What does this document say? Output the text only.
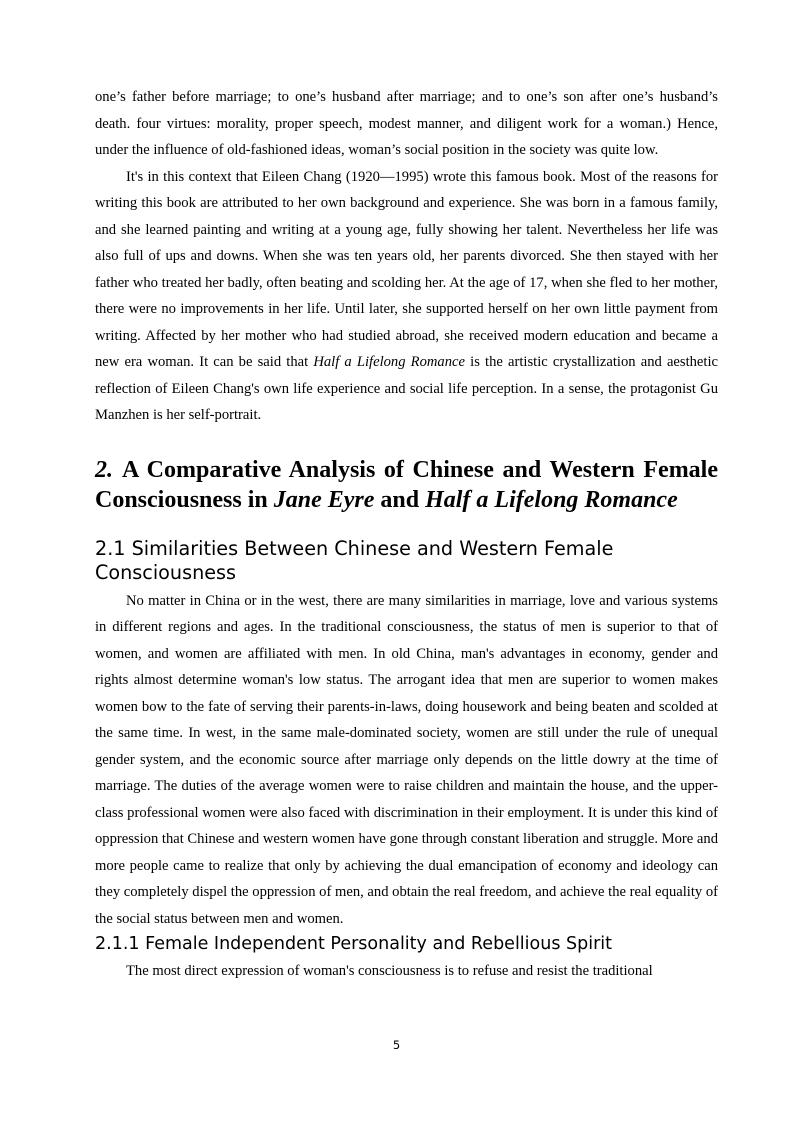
one’s father before marriage; to one’s husband after marriage; and to one’s son after one’s husband’s death. four virtues: morality, proper speech, modest manner, and diligent work for a woman.) Hence, under the influence of old-fashioned ideas, woman’s social position in the society was quite low.

It's in this context that Eileen Chang (1920—1995) wrote this famous book. Most of the reasons for writing this book are attributed to her own background and experience. She was born in a famous family, and she learned painting and writing at a young age, fully showing her talent. Nevertheless her life was also full of ups and downs. When she was ten years old, her parents divorced. She then stayed with her father who treated her badly, often beating and scolding her. At the age of 17, when she fled to her mother, there were no improvements in her life. Until later, she supported herself on her own little payment from writing. Affected by her mother who had studied abroad, she received modern education and became a new era woman. It can be said that Half a Lifelong Romance is the artistic crystallization and aesthetic reflection of Eileen Chang's own life experience and social life perception. In a sense, the protagonist Gu Manzhen is her self-portrait.

2. A Comparative Analysis of Chinese and Western Female Consciousness in Jane Eyre and Half a Lifelong Romance
2.1 Similarities Between Chinese and Western Female Consciousness

No matter in China or in the west, there are many similarities in marriage, love and various systems in different regions and ages. In the traditional consciousness, the status of men is superior to that of women, and women are affiliated with men. In old China, man's advantages in economy, gender and rights almost determine woman's low status. The arrogant idea that men are superior to women makes women bow to the fate of serving their parents-in-laws, doing housework and being beaten and scolded at the same time. In west, in the same male-dominated society, women are still under the rule of unequal gender system, and the economic source after marriage only depends on the little dowry at the time of marriage. The duties of the average women were to raise children and maintain the house, and the upper-class professional women were also faced with discrimination in their employment. It is under this kind of oppression that Chinese and western women have gone through constant liberation and struggle. More and more people came to realize that only by achieving the dual emancipation of economy and ideology can they completely dispel the oppression of men, and obtain the real freedom, and achieve the real equality of the social status between men and women.

2.1.1 Female Independent Personality and Rebellious Spirit

The most direct expression of woman's consciousness is to refuse and resist the traditional

5
